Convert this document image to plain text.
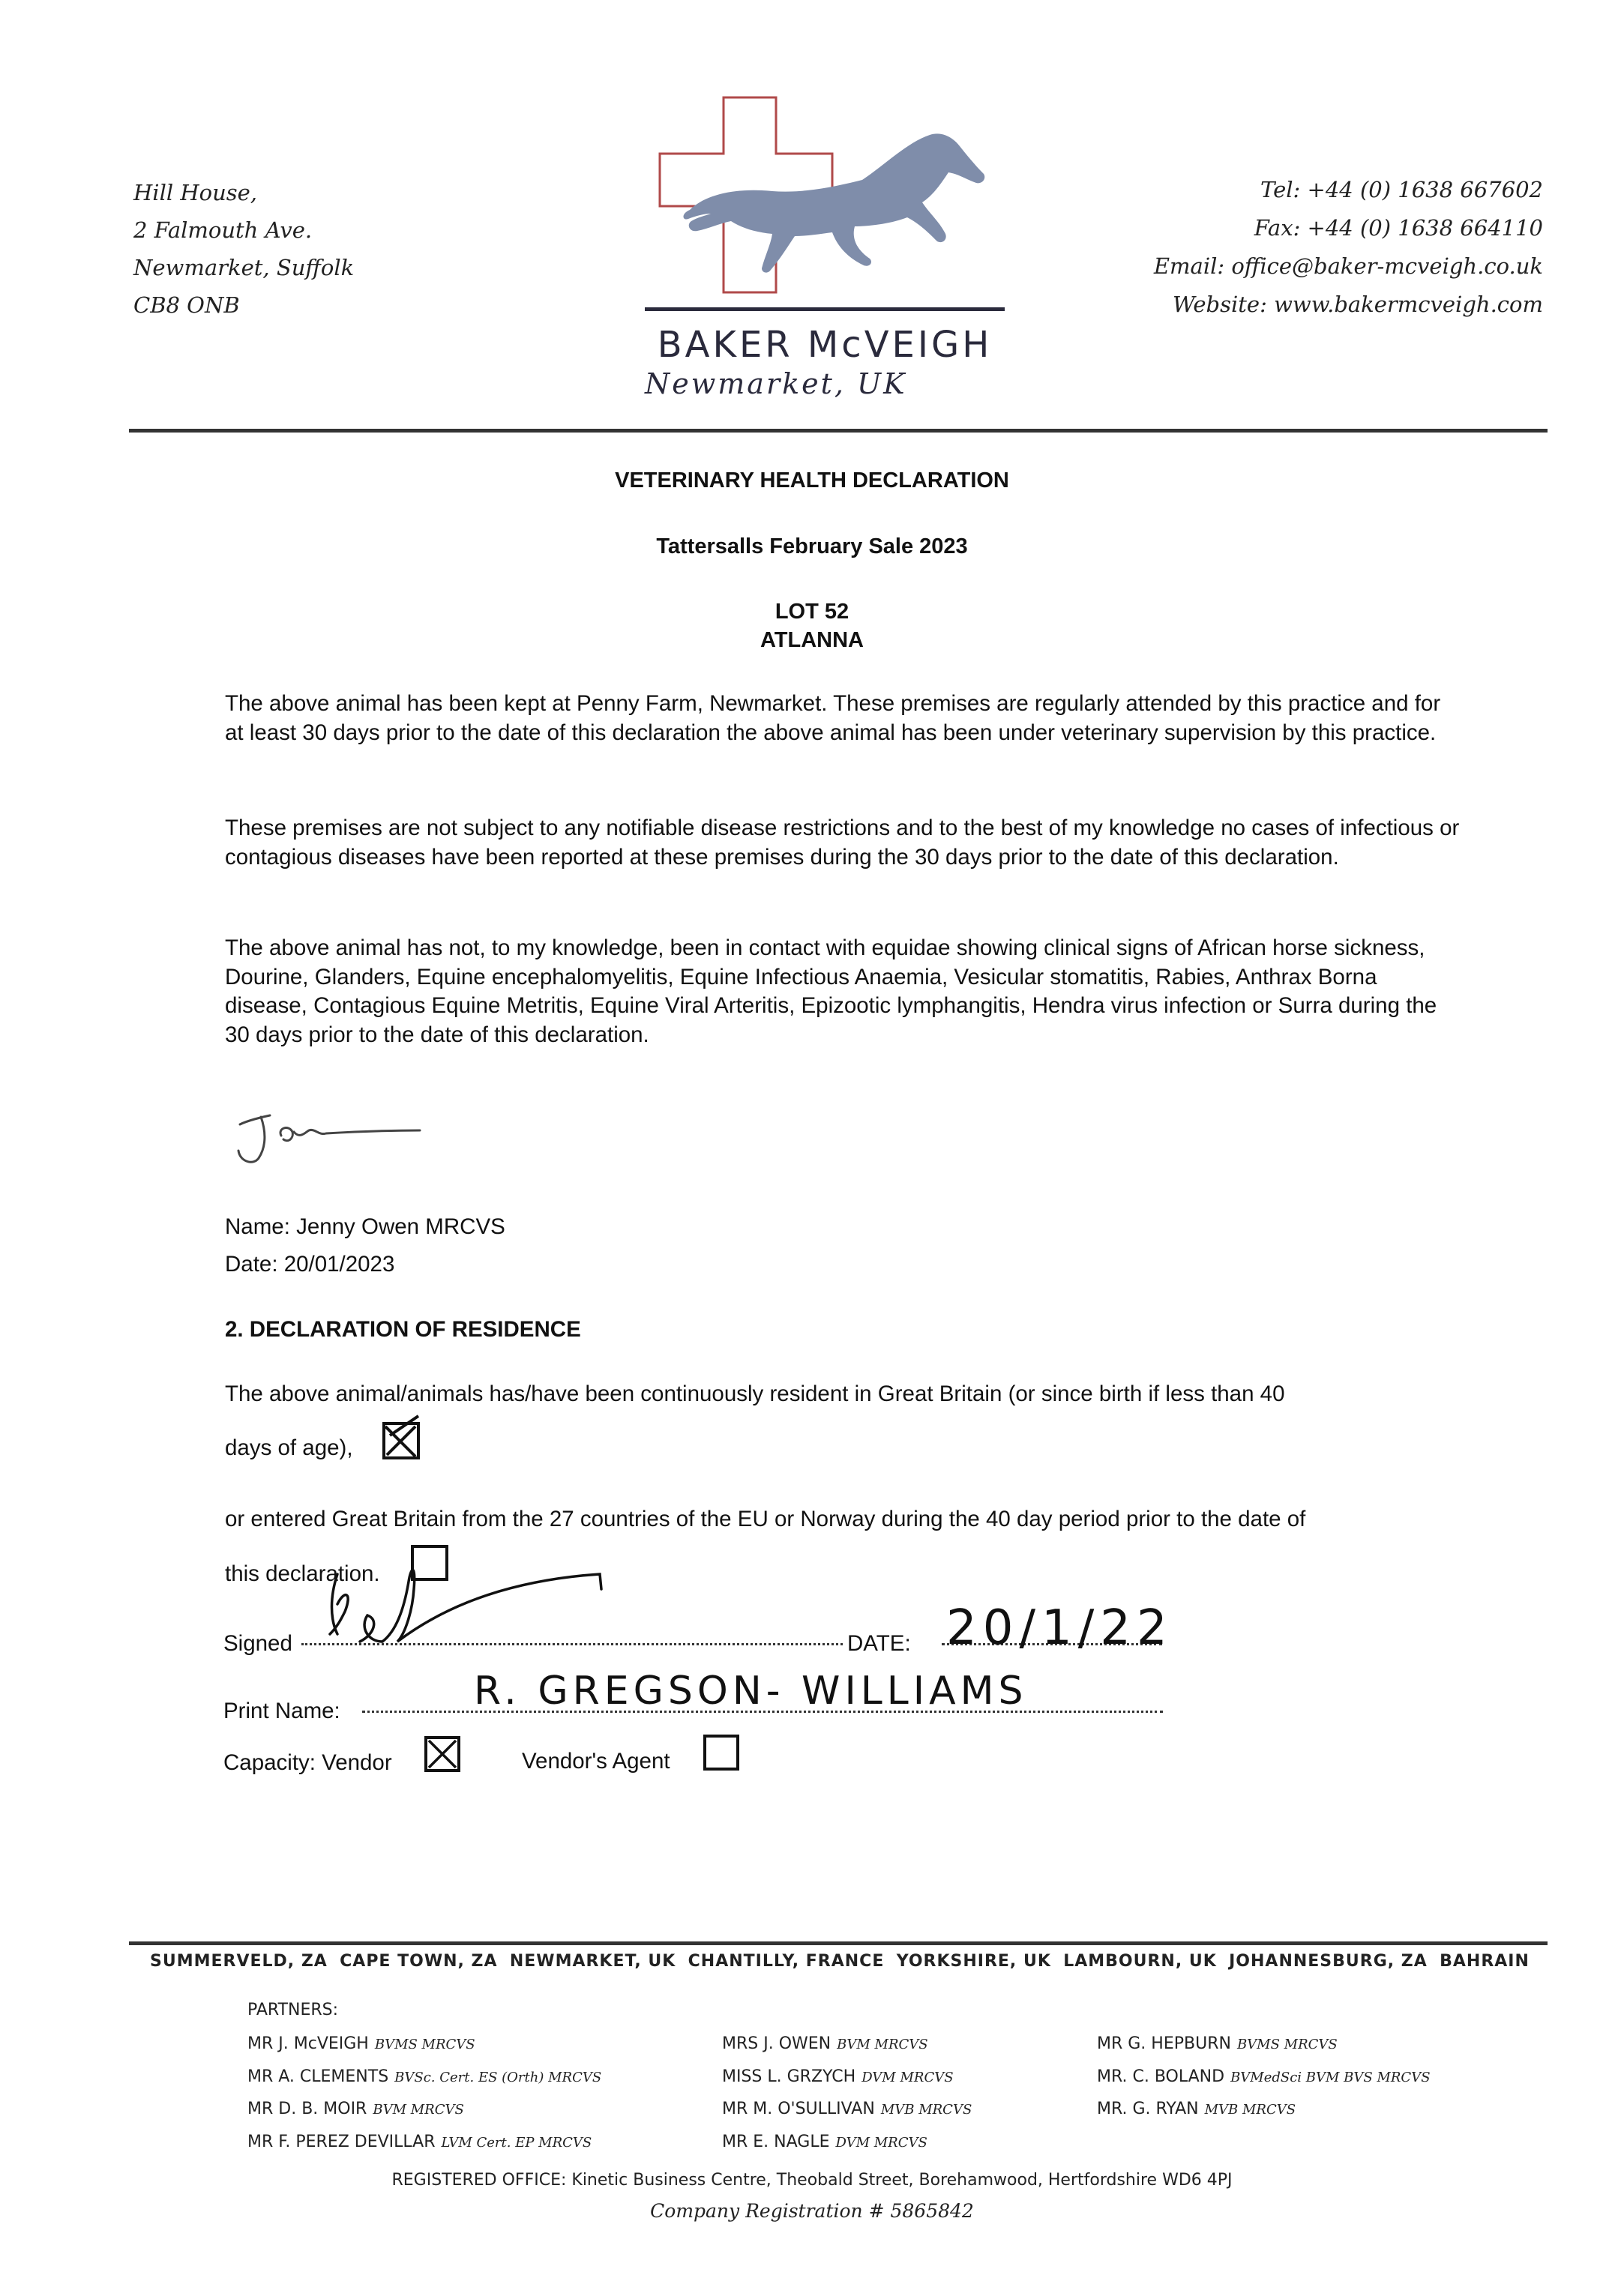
Hill House,
2 Falmouth Ave.
Newmarket, Suffolk
CB8 ONB
BAKER McVEIGH
Newmarket, UK
Tel: +44 (0) 1638 667602
Fax: +44 (0) 1638 664110
Email: office@baker-mcveigh.co.uk
Website: www.bakermcveigh.com
VETERINARY HEALTH DECLARATION
Tattersalls February Sale 2023
LOT 52
ATLANNA
The above animal has been kept at Penny Farm, Newmarket. These premises are regularly attended by this practice and for at least 30 days prior to the date of this declaration the above animal has been under veterinary supervision by this practice.
These premises are not subject to any notifiable disease restrictions and to the best of my knowledge no cases of infectious or contagious diseases have been reported at these premises during the 30 days prior to the date of this declaration.
The above animal has not, to my knowledge, been in contact with equidae showing clinical signs of African horse sickness, Dourine, Glanders, Equine encephalomyelitis, Equine Infectious Anaemia, Vesicular stomatitis, Rabies, Anthrax Borna disease, Contagious Equine Metritis, Equine Viral Arteritis, Epizootic lymphangitis, Hendra virus infection or Surra during the 30 days prior to the date of this declaration.
Name: Jenny Owen MRCVS
Date: 20/01/2023
2. DECLARATION OF RESIDENCE
The above animal/animals has/have been continuously resident in Great Britain (or since birth if less than 40
days of age),
or entered Great Britain from the 27 countries of the EU or Norway during the 40 day period prior to the date of
this declaration.
Signed	DATE: 20/1/22
Print Name:	R. GREGSON- WILLIAMS
Capacity: Vendor	Vendor's Agent
SUMMERVELD, ZA CAPE TOWN, ZA NEWMARKET, UK CHANTILLY, FRANCE YORKSHIRE, UK LAMBOURN, UK JOHANNESBURG, ZA BAHRAIN
PARTNERS:
MR J. McVEIGH BVMS MRCVS
MR A. CLEMENTS BVSc. Cert. ES (Orth) MRCVS
MR D. B. MOIR BVM MRCVS
MR F. PEREZ DEVILLAR LVM Cert. EP MRCVS
MRS J. OWEN BVM MRCVS
MISS L. GRZYCH DVM MRCVS
MR M. O'SULLIVAN MVB MRCVS
MR E. NAGLE DVM MRCVS
MR G. HEPBURN BVMS MRCVS
MR. C. BOLAND BVMedSci BVM BVS MRCVS
MR. G. RYAN MVB MRCVS
REGISTERED OFFICE: Kinetic Business Centre, Theobald Street, Borehamwood, Hertfordshire WD6 4PJ
Company Registration # 5865842
